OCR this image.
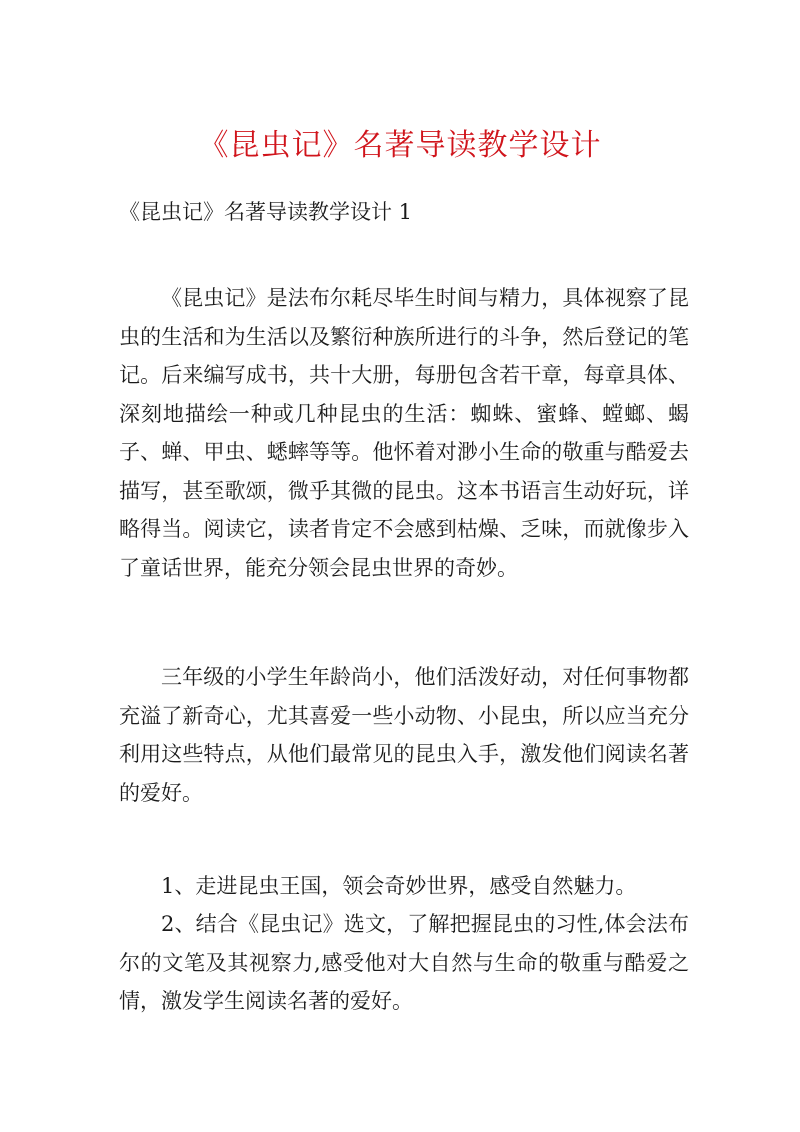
《昆虫记》名著导读教学设计

《昆虫记》名著导读教学设计 1

《昆虫记》是法布尔耗尽毕生时间与精力，具体视察了昆虫的生活和为生活以及繁衍种族所进行的斗争，然后登记的笔记。后来编写成书，共十大册，每册包含若干章，每章具体、深刻地描绘一种或几种昆虫的生活：蜘蛛、蜜蜂、螳螂、蝎子、蝉、甲虫、蟋蟀等等。他怀着对渺小生命的敬重与酷爱去描写，甚至歌颂，微乎其微的昆虫。这本书语言生动好玩，详略得当。阅读它，读者肯定不会感到枯燥、乏味，而就像步入了童话世界，能充分领会昆虫世界的奇妙。

三年级的小学生年龄尚小，他们活泼好动，对任何事物都充溢了新奇心，尤其喜爱一些小动物、小昆虫，所以应当充分利用这些特点，从他们最常见的昆虫入手，激发他们阅读名著的爱好。

1、走进昆虫王国，领会奇妙世界，感受自然魅力。

2、结合《昆虫记》选文，了解把握昆虫的习性,体会法布尔的文笔及其视察力,感受他对大自然与生命的敬重与酷爱之情，激发学生阅读名著的爱好。
